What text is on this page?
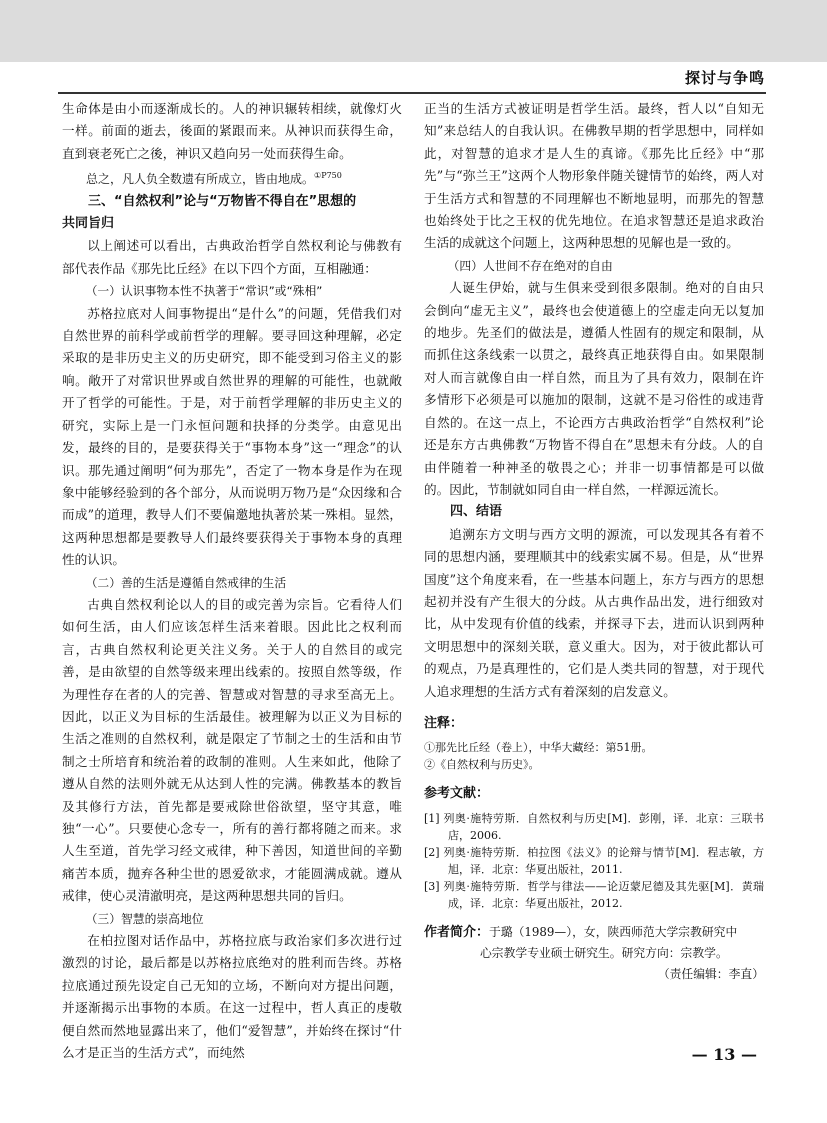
探讨与争鸣

生命体是由小而逐渐成长的。人的神识辗转相续，就像灯火一样。前面的逝去，後面的紧跟而来。从神识而获得生命，直到衰老死亡之後，神识又趋向另一处而获得生命。

总之，凡人负全数遗有所成立，皆由地成。$^{①P750}$

三、“自然权利”论与“万物皆不得自在”思想的

共同旨归

以上阐述可以看出，古典政治哲学自然权利论与佛教有部代表作品《那先比丘经》在以下四个方面，互相融通：

（一）认识事物本性不执著于“常识”或“殊相”

苏格拉底对人间事物提出“是什么”的问题，凭借我们对自然世界的前科学或前哲学的理解。要寻回这种理解，必定采取的是非历史主义的历史研究，即不能受到习俗主义的影响。敞开了对常识世界或自然世界的理解的可能性，也就敞开了哲学的可能性。于是，对于前哲学理解的非历史主义的研究，实际上是一门永恒问题和抉择的分类学。由意见出发，最终的目的，是要获得关于“事物本身”这一“理念”的认识。那先通过阐明“何为那先”，否定了一物本身是作为在现象中能够经验到的各个部分，从而说明万物乃是“众因缘和合而成”的道理，教导人们不要偏邀地执著於某一殊相。显然，这两种思想都是要教导人们最终要获得关于事物本身的真理性的认识。

（二）善的生活是遵循自然戒律的生活

古典自然权利论以人的目的或完善为宗旨。它看待人们如何生活，由人们应该怎样生活来着眼。因此比之权利而言，古典自然权利论更关注义务。关于人的自然目的或完善，是由欲望的自然等级来理出线索的。按照自然等级，作为理性存在者的人的完善、智慧或对智慧的寻求至高无上。因此，以正义为目标的生活最佳。被理解为以正义为目标的生活之准则的自然权利，就是限定了节制之士的生活和由节制之士所培育和统治着的政制的准则。人生来如此，他除了遵从自然的法则外就无从达到人性的完满。佛教基本的教旨及其修行方法，首先都是要戒除世俗欲望，坚守其意，唯独“一心”。只要使心念专一，所有的善行都将随之而来。求人生至道，首先学习经文戒律，种下善因，知道世间的辛勤痛苦本质，抛弃各种尘世的恩爱欲求，才能圆满成就。遵从戒律，使心灵清澈明亮，是这两种思想共同的旨归。

（三）智慧的崇高地位

在柏拉图对话作品中，苏格拉底与政治家们多次进行过激烈的讨论，最后都是以苏格拉底绝对的胜利而告终。苏格拉底通过预先设定自己无知的立场，不断向对方提出问题，并逐渐揭示出事物的本质。在这一过程中，哲人真正的虔敬便自然而然地显露出来了，他们“爱智慧”，并始终在探讨“什么才是正当的生活方式”，而纯然

正当的生活方式被证明是哲学生活。最终，哲人以“自知无知”来总结人的自我认识。在佛教早期的哲学思想中，同样如此，对智慧的追求才是人生的真谛。《那先比丘经》中“那先”与“弥兰王”这两个人物形象伴随关键情节的始终，两人对于生活方式和智慧的不同理解也不断地显明，而那先的智慧也始终处于比之王权的优先地位。在追求智慧还是追求政治生活的成就这个问题上，这两种思想的见解也是一致的。

（四）人世间不存在绝对的自由

人诞生伊始，就与生俱来受到很多限制。绝对的自由只会倒向“虚无主义”，最终也会使道德上的空虚走向无以复加的地步。先圣们的做法是，遵循人性固有的规定和限制，从而抓住这条线索一以贯之，最终真正地获得自由。如果限制对人而言就像自由一样自然，而且为了具有效力，限制在许多情形下必须是可以施加的限制，这就不是习俗性的或违背自然的。在这一点上，不论西方古典政治哲学“自然权利”论还是东方古典佛教“万物皆不得自在”思想未有分歧。人的自由伴随着一种神圣的敬畏之心；并非一切事情都是可以做的。因此，节制就如同自由一样自然，一样源远流长。

四、结语

追溯东方文明与西方文明的源流，可以发现其各有着不同的思想内涵，要理顺其中的线索实属不易。但是，从“世界国度”这个角度来看，在一些基本问题上，东方与西方的思想起初并没有产生很大的分歧。从古典作品出发，进行细致对比，从中发现有价值的线索，并探寻下去，进而认识到两种文明思想中的深刻关联，意义重大。因为，对于彼此都认可的观点，乃是真理性的，它们是人类共同的智慧，对于现代人追求理想的生活方式有着深刻的启发意义。

注释：

①那先比丘经（卷上），中华大藏经：第51册。

②《自然权利与历史》。

参考文献：

[1] 列奥·施特劳斯．自然权利与历史[M]．彭刚，译．北京：三联书店，2006.

[2] 列奥·施特劳斯．柏拉图《法义》的论辩与情节[M]．程志敏，方旭，译．北京：华夏出版社，2011.

[3] 列奥·施特劳斯．哲学与律法——论迈蒙尼德及其先驱[M]．黄瑞成，译．北京：华夏出版社，2012.

作者简介：于璐（1989—），女，陕西师范大学宗教研究中
心宗教学专业硕士研究生。研究方向：宗教学。
（责任编辑：李直）
— 13 —
